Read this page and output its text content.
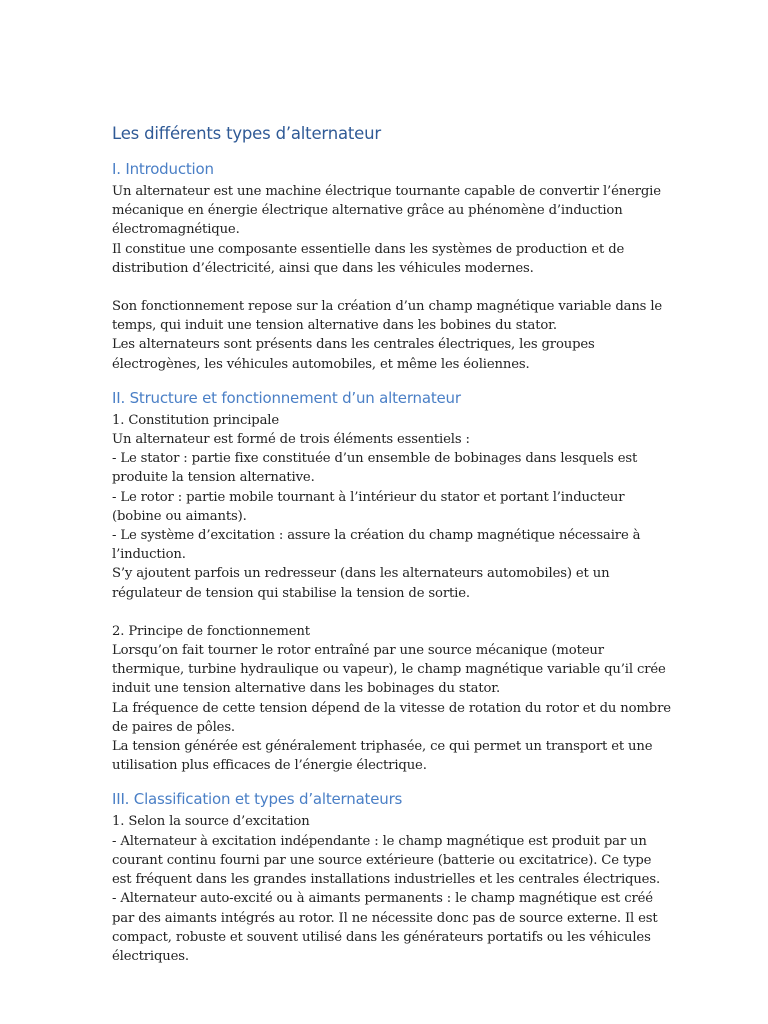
Les différents types d’alternateur
I. Introduction

Un alternateur est une machine électrique tournante capable de convertir l’énergie mécanique en énergie électrique alternative grâce au phénomène d’induction électromagnétique.

Il constitue une composante essentielle dans les systèmes de production et de distribution d’électricité, ainsi que dans les véhicules modernes.

Son fonctionnement repose sur la création d’un champ magnétique variable dans le temps, qui induit une tension alternative dans les bobines du stator.

Les alternateurs sont présents dans les centrales électriques, les groupes électrogènes, les véhicules automobiles, et même les éoliennes.

II. Structure et fonctionnement d’un alternateur

1. Constitution principale

Un alternateur est formé de trois éléments essentiels :

- Le stator : partie fixe constituée d’un ensemble de bobinages dans lesquels est produite la tension alternative.

- Le rotor : partie mobile tournant à l’intérieur du stator et portant l’inducteur (bobine ou aimants).

- Le système d’excitation : assure la création du champ magnétique nécessaire à l’induction.

S’y ajoutent parfois un redresseur (dans les alternateurs automobiles) et un régulateur de tension qui stabilise la tension de sortie.

2. Principe de fonctionnement

Lorsqu’on fait tourner le rotor entraîné par une source mécanique (moteur thermique, turbine hydraulique ou vapeur), le champ magnétique variable qu’il crée induit une tension alternative dans les bobinages du stator.

La fréquence de cette tension dépend de la vitesse de rotation du rotor et du nombre de paires de pôles.

La tension générée est généralement triphasée, ce qui permet un transport et une utilisation plus efficaces de l’énergie électrique.

III. Classification et types d’alternateurs

1. Selon la source d’excitation

- Alternateur à excitation indépendante : le champ magnétique est produit par un courant continu fourni par une source extérieure (batterie ou excitatrice). Ce type est fréquent dans les grandes installations industrielles et les centrales électriques.

- Alternateur auto-excité ou à aimants permanents : le champ magnétique est créé par des aimants intégrés au rotor. Il ne nécessite donc pas de source externe. Il est compact, robuste et souvent utilisé dans les générateurs portatifs ou les véhicules électriques.
